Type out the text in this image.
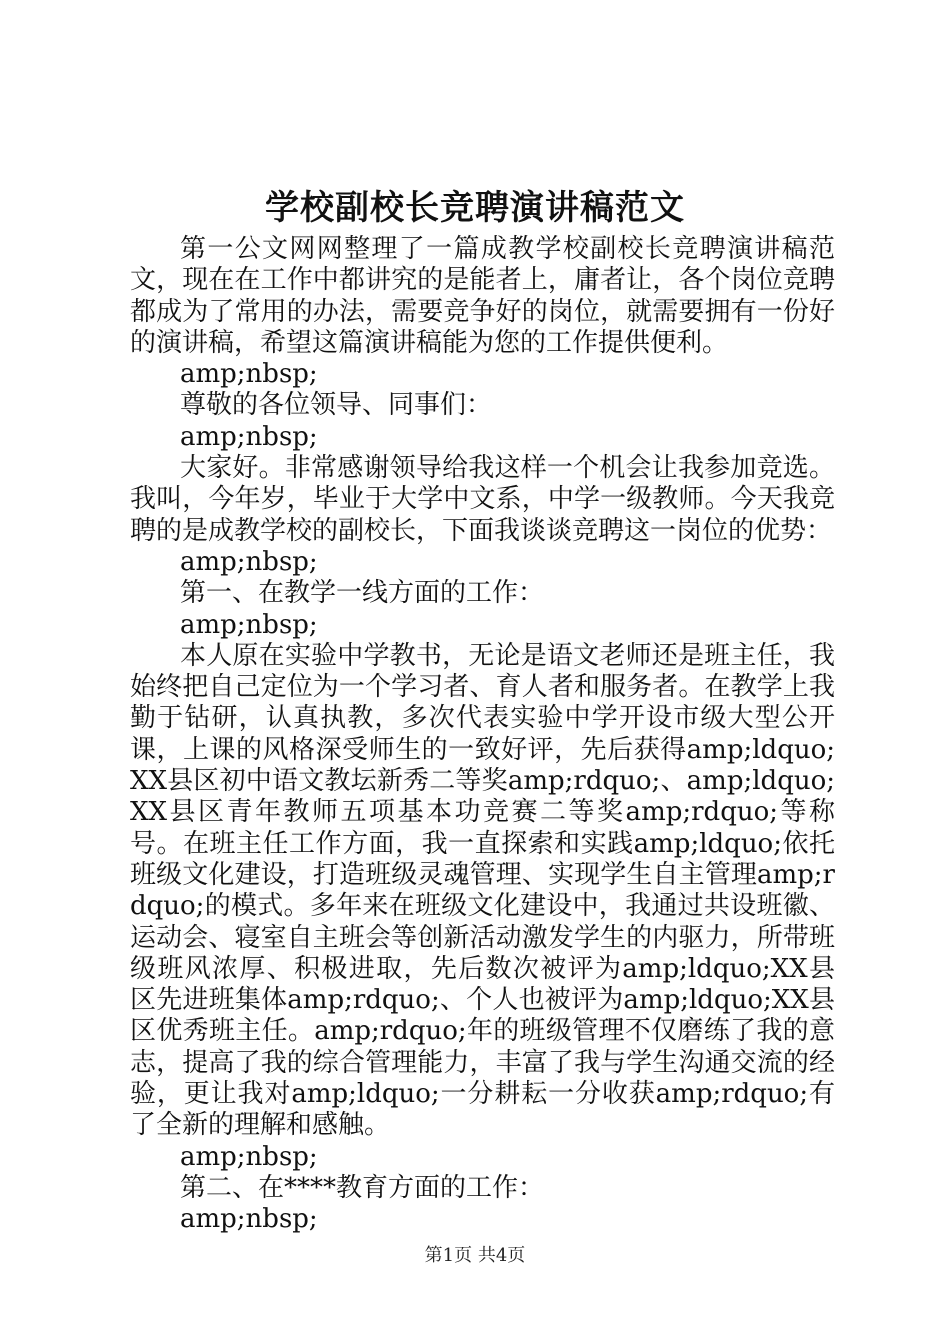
学校副校长竞聘演讲稿范文

第一公文网网整理了一篇成教学校副校长竞聘演讲稿范文，现在在工作中都讲究的是能者上，庸者让，各个岗位竞聘都成为了常用的办法，需要竞争好的岗位，就需要拥有一份好的演讲稿，希望这篇演讲稿能为您的工作提供便利。

amp;nbsp;

尊敬的各位领导、同事们：

amp;nbsp;

大家好。非常感谢领导给我这样一个机会让我参加竞选。我叫，今年岁，毕业于大学中文系，中学一级教师。今天我竞聘的是成教学校的副校长，下面我谈谈竞聘这一岗位的优势：

amp;nbsp;

第一、在教学一线方面的工作：

amp;nbsp;

本人原在实验中学教书，无论是语文老师还是班主任，我始终把自己定位为一个学习者、育人者和服务者。在教学上我勤于钻研，认真执教，多次代表实验中学开设市级大型公开课，上课的风格深受师生的一致好评，先后获得amp;ldquo;XX县区初中语文教坛新秀二等奖amp;rdquo;、amp;ldquo;XX县区青年教师五项基本功竞赛二等奖amp;rdquo;等称号。在班主任工作方面，我一直探索和实践amp;ldquo;依托班级文化建设，打造班级灵魂管理、实现学生自主管理amp;rdquo;的模式。多年来在班级文化建设中，我通过共设班徽、运动会、寝室自主班会等创新活动激发学生的内驱力，所带班级班风浓厚、积极进取，先后数次被评为amp;ldquo;XX县区先进班集体amp;rdquo;、个人也被评为amp;ldquo;XX县区优秀班主任。amp;rdquo;年的班级管理不仅磨练了我的意志，提高了我的综合管理能力，丰富了我与学生沟通交流的经验，更让我对amp;ldquo;一分耕耘一分收获amp;rdquo;有了全新的理解和感触。

amp;nbsp;

第二、在****教育方面的工作：

amp;nbsp;

第1页 共4页
